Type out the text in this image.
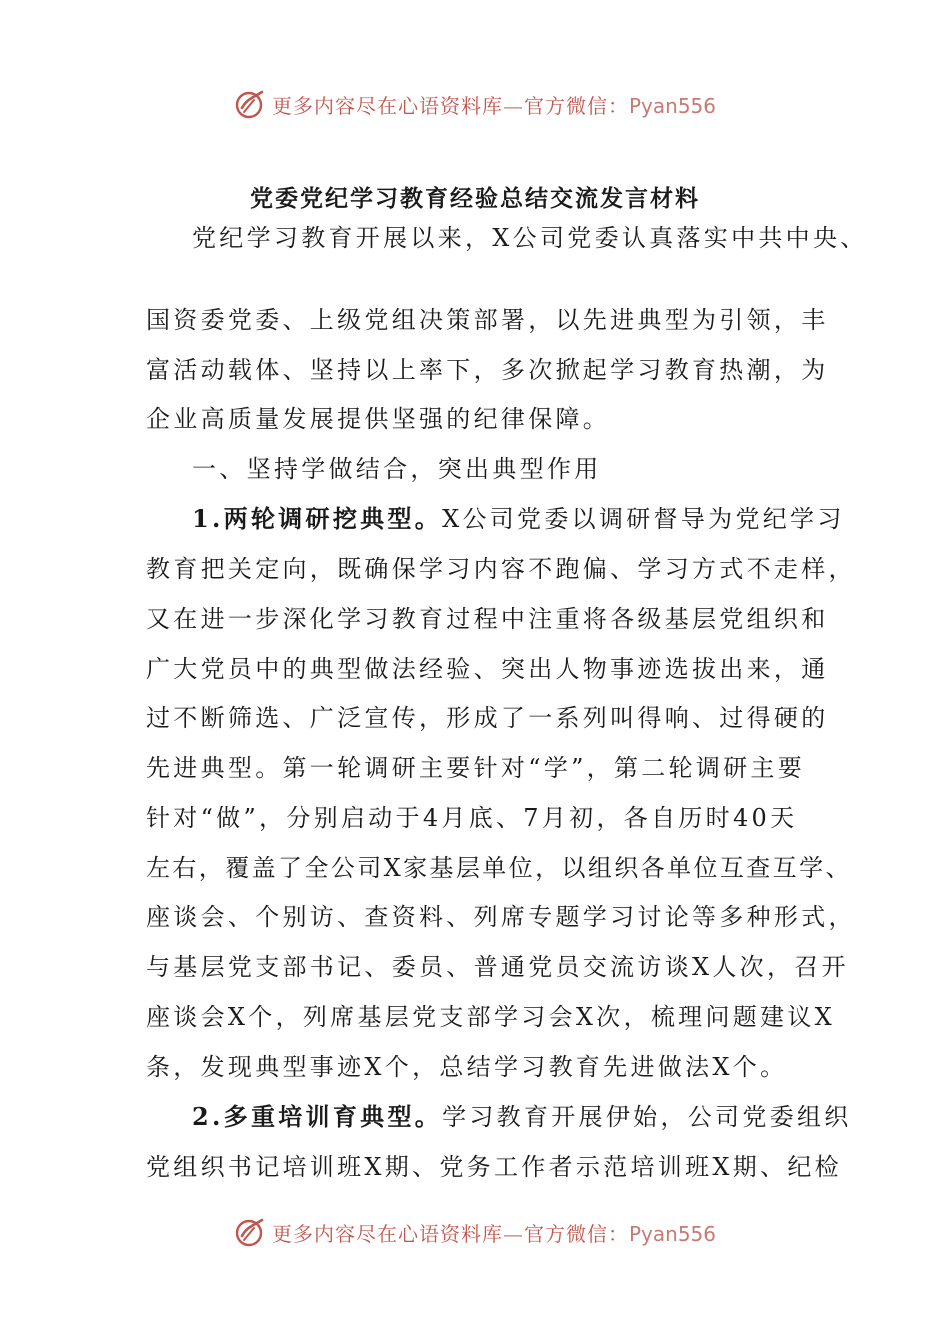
更多内容尽在心语资料库—官方微信：Pyan556
党委党纪学习教育经验总结交流发言材料
党纪学习教育开展以来，X公司党委认真落实中共中央、
国资委党委、上级党组决策部署，以先进典型为引领，丰
富活动载体、坚持以上率下，多次掀起学习教育热潮，为
企业高质量发展提供坚强的纪律保障。
一、坚持学做结合，突出典型作用
1.两轮调研挖典型。X公司党委以调研督导为党纪学习
教育把关定向，既确保学习内容不跑偏、学习方式不走样，
又在进一步深化学习教育过程中注重将各级基层党组织和
广大党员中的典型做法经验、突出人物事迹选拔出来，通
过不断筛选、广泛宣传，形成了一系列叫得响、过得硬的
先进典型。第一轮调研主要针对“学”，第二轮调研主要
针对“做”，分别启动于4月底、7月初，各自历时40天
左右，覆盖了全公司X家基层单位，以组织各单位互查互学、
座谈会、个别访、查资料、列席专题学习讨论等多种形式，
与基层党支部书记、委员、普通党员交流访谈X人次，召开
座谈会X个，列席基层党支部学习会X次，梳理问题建议X
条，发现典型事迹X个，总结学习教育先进做法X个。
2.多重培训育典型。学习教育开展伊始，公司党委组织
党组织书记培训班X期、党务工作者示范培训班X期、纪检
更多内容尽在心语资料库—官方微信：Pyan556
